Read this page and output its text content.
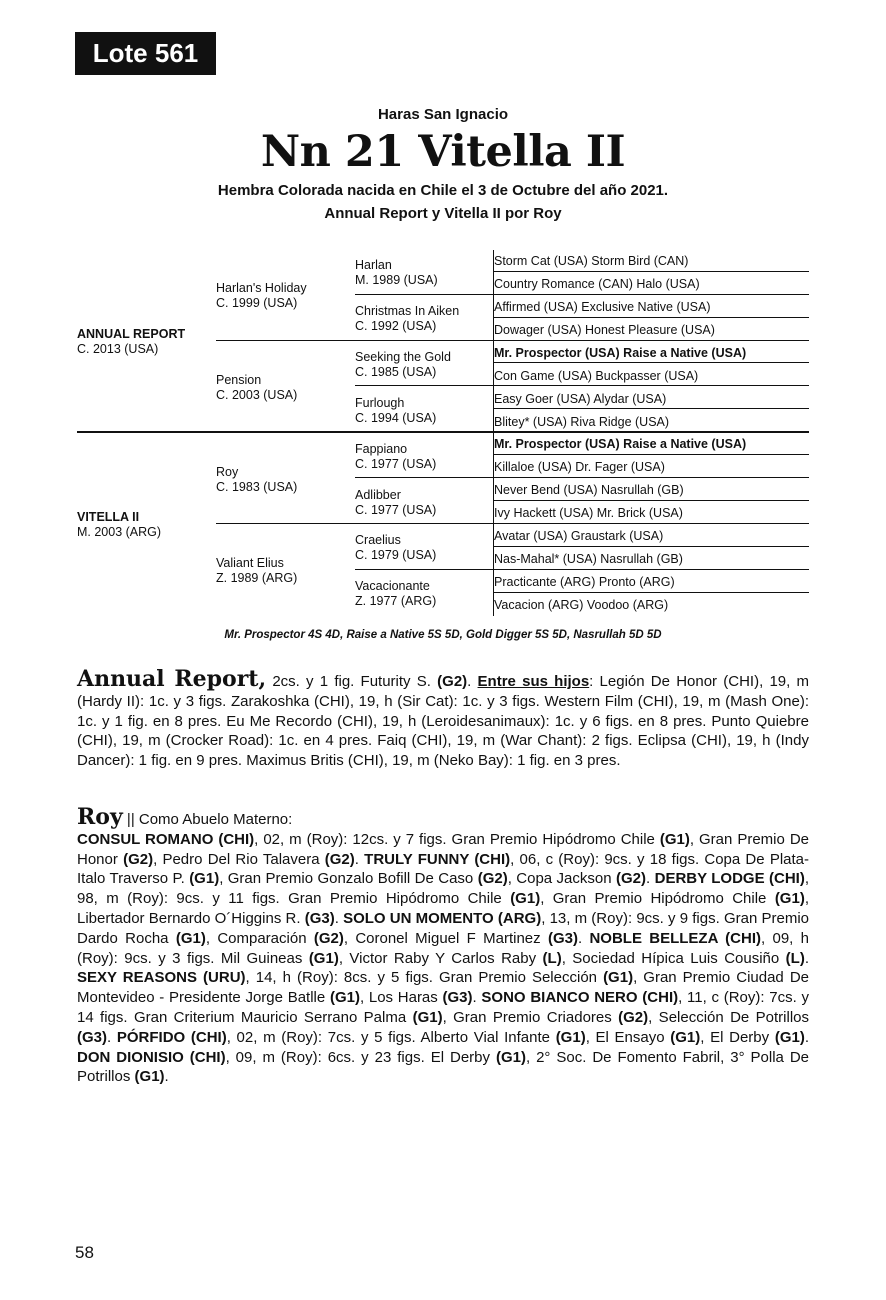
Lote 561
Haras San Ignacio
Nn 21 Vitella II
Hembra Colorada nacida en Chile el 3 de Octubre del año 2021.
Annual Report y Vitella II por Roy
ANNUAL REPORT
C. 2013 (USA)
VITELLA II
M. 2003 (ARG)
Harlan's Holiday
C. 1999 (USA)
Pension
C. 2003 (USA)
Roy
C. 1983 (USA)
Valiant Elius
Z. 1989 (ARG)
Harlan
M. 1989 (USA)
Christmas In Aiken
C. 1992 (USA)
Seeking the Gold
C. 1985 (USA)
Furlough
C. 1994 (USA)
Fappiano
C. 1977 (USA)
Adlibber
C. 1977 (USA)
Craelius
C. 1979 (USA)
Vacacionante
Z. 1977 (ARG)
Storm Cat (USA) Storm Bird (CAN)
Country Romance (CAN) Halo (USA)
Affirmed (USA) Exclusive Native (USA)
Dowager (USA) Honest Pleasure (USA)
Mr. Prospector (USA) Raise a Native (USA)
Con Game (USA) Buckpasser (USA)
Easy Goer (USA) Alydar (USA)
Blitey* (USA) Riva Ridge (USA)
Mr. Prospector (USA) Raise a Native (USA)
Killaloe (USA) Dr. Fager (USA)
Never Bend (USA) Nasrullah (GB)
Ivy Hackett (USA) Mr. Brick (USA)
Avatar (USA) Graustark (USA)
Nas-Mahal* (USA) Nasrullah (GB)
Practicante (ARG) Pronto (ARG)
Vacacion (ARG) Voodoo (ARG)
Mr. Prospector 4S 4D, Raise a Native 5S 5D, Gold Digger 5S 5D, Nasrullah 5D 5D

Annual Report, 2cs. y 1 fig. Futurity S. (G2). Entre sus hijos: Legión De Honor (CHI), 19, m (Hardy II): 1c. y 3 figs. Zarakoshka (CHI), 19, h (Sir Cat): 1c. y 3 figs. Western Film (CHI), 19, m (Mash One): 1c. y 1 fig. en 8 pres. Eu Me Recordo (CHI), 19, h (Leroidesanimaux): 1c. y 6 figs. en 8 pres. Punto Quiebre (CHI), 19, m (Crocker Road): 1c. en 4 pres. Faiq (CHI), 19, m (War Chant): 2 figs. Eclipsa (CHI), 19, h (Indy Dancer): 1 fig. en 9 pres. Maximus Britis (CHI), 19, m (Neko Bay): 1 fig. en 3 pres.

Roy || Como Abuelo Materno:
CONSUL ROMANO (CHI), 02, m (Roy): 12cs. y 7 figs. Gran Premio Hipódromo Chile (G1), Gran Premio De Honor (G2), Pedro Del Rio Talavera (G2). TRULY FUNNY (CHI), 06, c (Roy): 9cs. y 18 figs. Copa De Plata-Italo Traverso P. (G1), Gran Premio Gonzalo Bofill De Caso (G2), Copa Jackson (G2). DERBY LODGE (CHI), 98, m (Roy): 9cs. y 11 figs. Gran Premio Hipódromo Chile (G1), Gran Premio Hipódromo Chile (G1), Libertador Bernardo O´Higgins R. (G3). SOLO UN MOMENTO (ARG), 13, m (Roy): 9cs. y 9 figs. Gran Premio Dardo Rocha (G1), Comparación (G2), Coronel Miguel F Martinez (G3). NOBLE BELLEZA (CHI), 09, h (Roy): 9cs. y 3 figs. Mil Guineas (G1), Victor Raby Y Carlos Raby (L), Sociedad Hípica Luis Cousiño (L). SEXY REASONS (URU), 14, h (Roy): 8cs. y 5 figs. Gran Premio Selección (G1), Gran Premio Ciudad De Montevideo - Presidente Jorge Batlle (G1), Los Haras (G3). SONO BIANCO NERO (CHI), 11, c (Roy): 7cs. y 14 figs. Gran Criterium Mauricio Serrano Palma (G1), Gran Premio Criadores (G2), Selección De Potrillos (G3). PÓRFIDO (CHI), 02, m (Roy): 7cs. y 5 figs. Alberto Vial Infante (G1), El Ensayo (G1), El Derby (G1). DON DIONISIO (CHI), 09, m (Roy): 6cs. y 23 figs. El Derby (G1), 2° Soc. De Fomento Fabril, 3° Polla De Potrillos (G1).

58
